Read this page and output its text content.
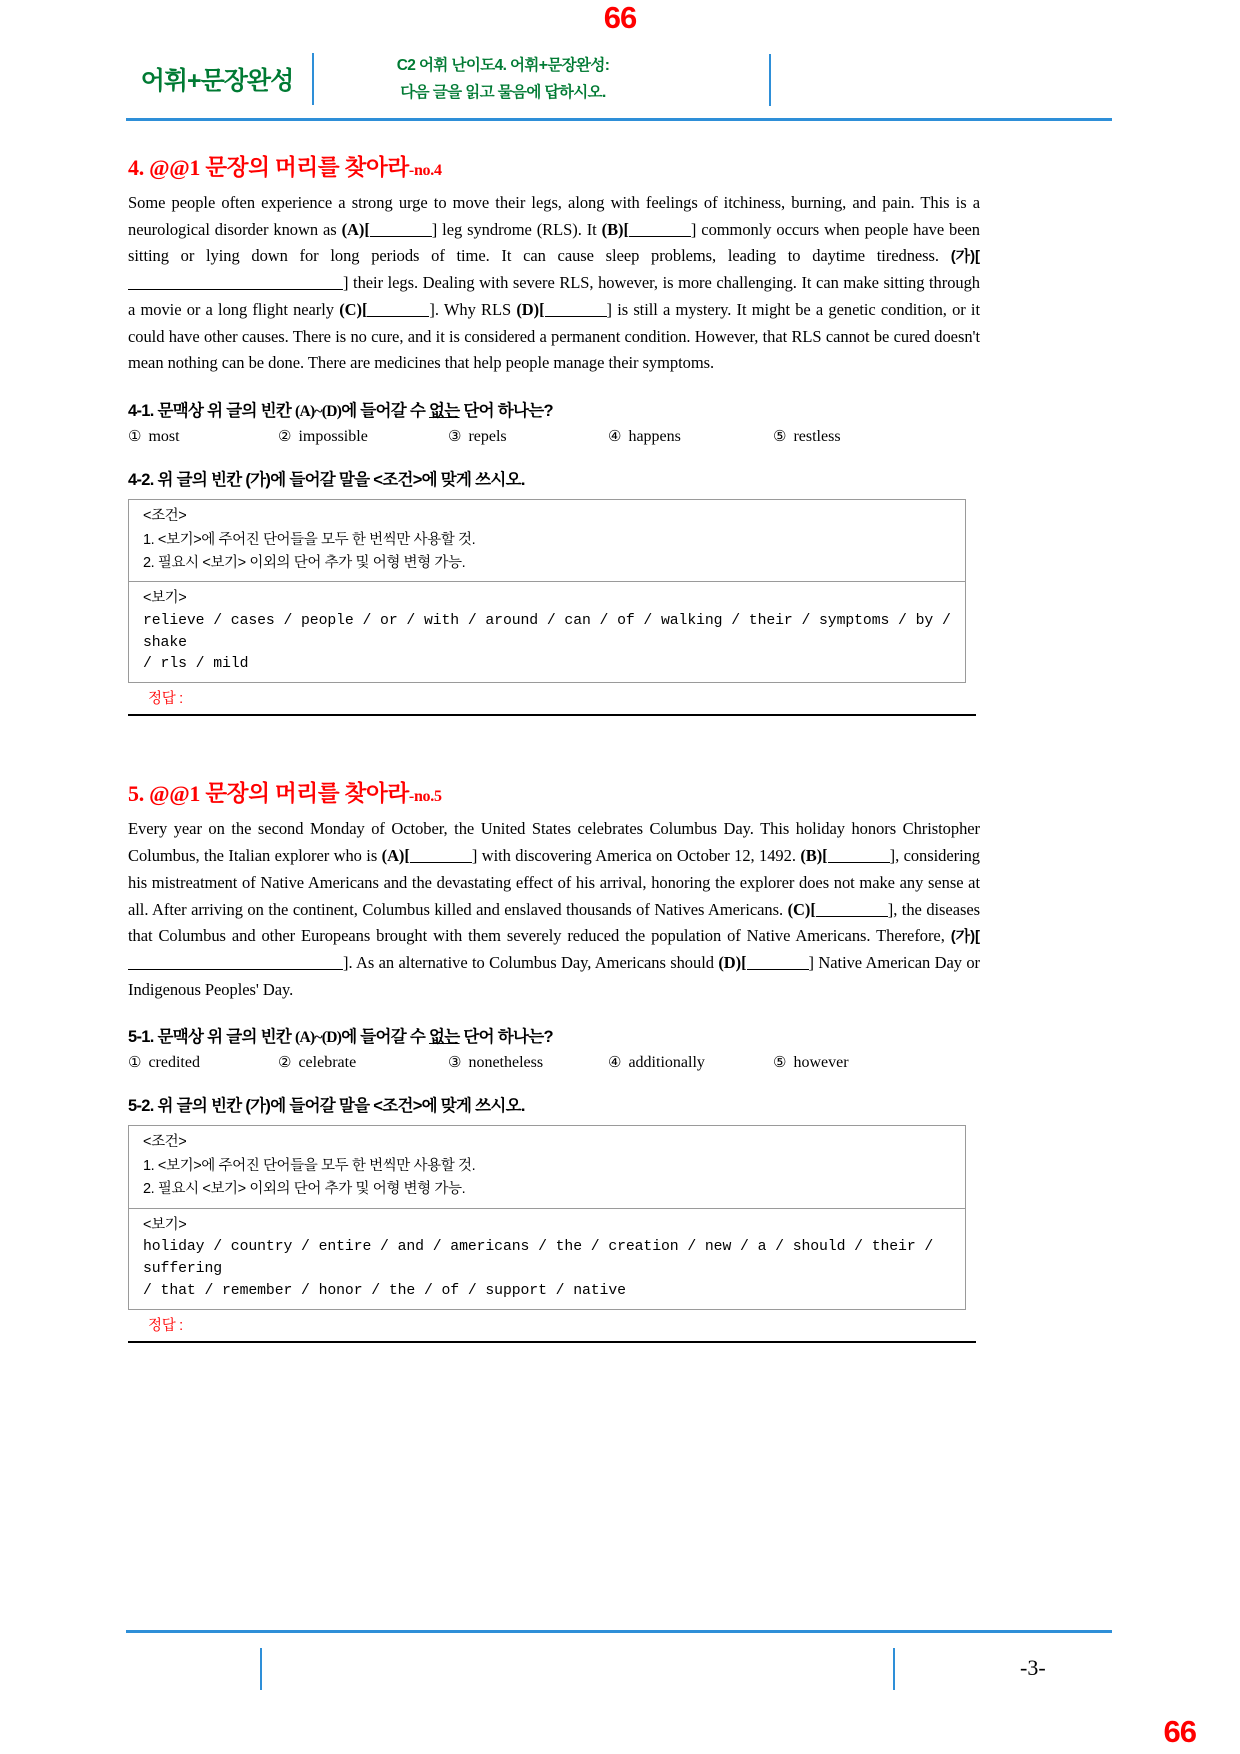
66
어휘+문장완성
C2 어휘 난이도4. 어휘+문장완성:
다음 글을 읽고 물음에 답하시오.
4. @@1 문장의 머리를 찾아라-no.4

Some people often experience a strong urge to move their legs, along with feelings of itchiness, burning, and pain. This is a neurological disorder known as (A)[	] leg syndrome (RLS). It (B)[	] commonly occurs when people have been sitting or lying down for long periods of time. It can cause sleep problems, leading to daytime tiredness. (가)[] their legs. Dealing with severe RLS, however, is more challenging. It can make sitting through a movie or a long flight nearly (C)[	]. Why RLS (D)[	] is still a mystery. It might be a genetic condition, or it could have other causes. There is no cure, and it is considered a permanent condition. However, that RLS cannot be cured doesn't mean nothing can be done. There are medicines that help people manage their symptoms.

4-1. 문맥상 위 글의 빈칸 (A)~(D)에 들어갈 수 없는 단어 하나는?
① most	② impossible	③ repels	④ happens	⑤ restless
4-2. 위 글의 빈칸 (가)에 들어갈 말을 <조건>에 맞게 쓰시오.
<조건>
1. <보기>에 주어진 단어들을 모두 한 번씩만 사용할 것.
2. 필요시 <보기> 이외의 단어 추가 및 어형 변형 가능.
<보기>
relieve / cases / people / or / with / around / can / of / walking / their / symptoms / by / shake
/ rls / mild
정답 :
5. @@1 문장의 머리를 찾아라-no.5

Every year on the second Monday of October, the United States celebrates Columbus Day. This holiday honors Christopher Columbus, the Italian explorer who is (A)[	] with discovering America on October 12, 1492. (B)[	], considering his mistreatment of Native Americans and the devastating effect of his arrival, honoring the explorer does not make any sense at all. After arriving on the continent, Columbus killed and enslaved thousands of Natives Americans. (C)[	], the diseases that Columbus and other Europeans brought with them severely reduced the population of Native Americans. Therefore, (가)[]. As an alternative to Columbus Day, Americans should (D)[	] Native American Day or Indigenous Peoples' Day.

5-1. 문맥상 위 글의 빈칸 (A)~(D)에 들어갈 수 없는 단어 하나는?
① credited	② celebrate	③ nonetheless	④ additionally	⑤ however
5-2. 위 글의 빈칸 (가)에 들어갈 말을 <조건>에 맞게 쓰시오.
<조건>
1. <보기>에 주어진 단어들을 모두 한 번씩만 사용할 것.
2. 필요시 <보기> 이외의 단어 추가 및 어형 변형 가능.
<보기>
holiday / country / entire / and / americans / the / creation / new / a / should / their / suffering
/ that / remember / honor / the / of / support / native
정답 :
-3-
66
